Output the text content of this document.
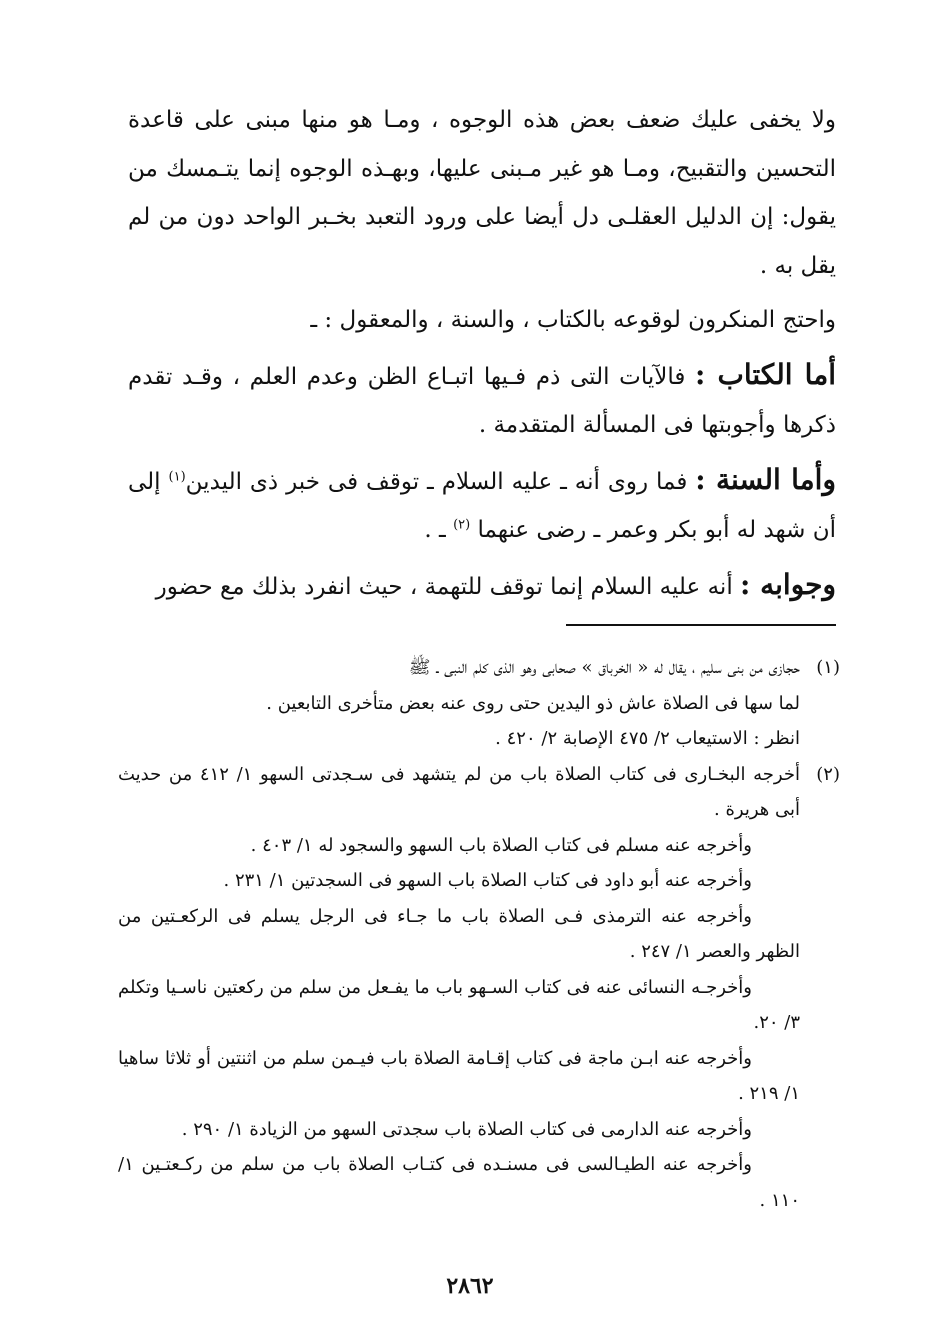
ولا يخفى عليك ضعف بعض هذه الوجوه ، ومـا هو منها مبنى على قاعدة التحسين والتقبيح، ومـا هو غير مـبنى عليها، وبهـذه الوجوه إنما يتـمسك من يقول: إن الدليل العقلـى دل أيضا على ورود التعبد بخـبر الواحد دون من لم يقل به .

واحتج المنكرون لوقوعه بالكتاب ، والسنة ، والمعقول : ـ

أما الكتاب : فالآيات التى ذم فـيها اتبـاع الظن وعدم العلم ، وقـد تقدم ذكرها وأجوبتها فى المسألة المتقدمة .

وأما السنة : فما روى أنه ـ عليه السلام ـ توقف فى خبر ذى اليدين$^{(١)}$ إلى أن شهد له أبو بكر وعمر ـ رضى عنهما $^{(٢)}$ ـ .

وجوابه : أنه عليه السلام إنما توقف للتهمة ، حيث انفرد بذلك مع حضور

(١)حجازى من بنى سليم ، يقال له « الخرباق » صحابى وهو الذى كلم النبى ـ ﷺ

لما سها فى الصلاة عاش ذو اليدين حتى روى عنه بعض متأخرى التابعين .

انظر : الاستيعاب ٢/ ٤٧٥ الإصابة ٢/ ٤٢٠ .

(٢)أخرجه البخـارى فى كتاب الصلاة باب من لم يتشهد فى سـجدتى السهو ١/ ٤١٢ من حديث أبى هريرة .

وأخرجه عنه مسلم فى كتاب الصلاة باب السهو والسجود له ١/ ٤٠٣ .

وأخرجه عنه أبو داود فى كتاب الصلاة باب السهو فى السجدتين ١/ ٢٣١ .

وأخرجه عنه الترمذى فـى الصلاة باب ما جـاء فى الرجل يسلم فى الركعـتين من الظهر والعصر ١/ ٢٤٧ .

وأخرجـه النسائى عنه فى كتاب السـهو باب ما يفـعل من سلم من ركعتين ناسـيا وتكلم ٣/ ٢٠.

وأخرجه عنه ابـن ماجة فى كتاب إقـامة الصلاة باب فيـمن سلم من اثنتين أو ثلاثا ساهيا ١/ ٢١٩ .

وأخرجه عنه الدارمى فى كتاب الصلاة باب سجدتى السهو من الزيادة ١/ ٢٩٠ .

وأخرجه عنه الطيـالسى فى مسنـده فى كتـاب الصلاة باب من سلم من ركـعتـين ١/ ١١٠ .

٢٨٦٢
